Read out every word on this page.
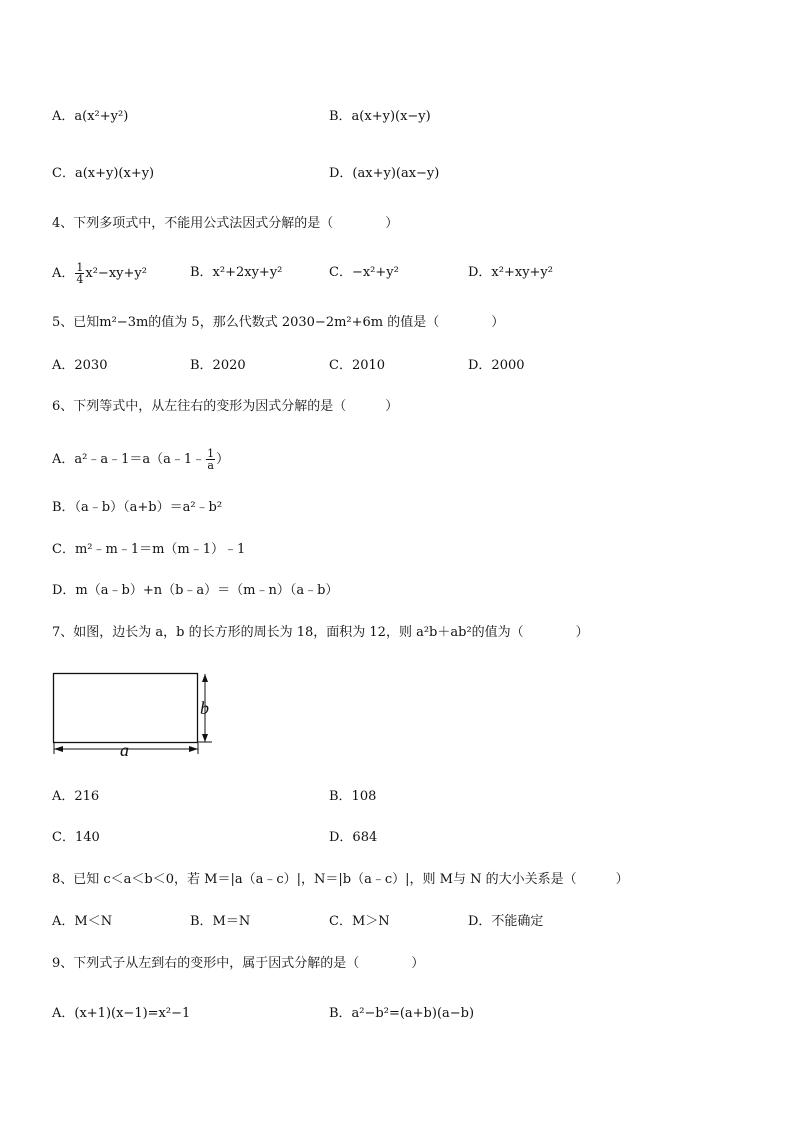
A．a(x²+y²)	B．a(x+y)(x−y)
C．a(x+y)(x+y)	D．(ax+y)(ax−y)
4、下列多项式中，不能用公式法因式分解的是（　　　　）
A． $\frac{1}{4} x^2-xy+y^2$	B．x²+2xy+y²	C．−x²+y²	D．x²+xy+y²
5、已知m²−3m的值为 5，那么代数式 2030−2m²+6m 的值是（　　　　）
A．2030	B．2020	C．2010	D．2000
6、下列等式中，从左往右的变形为因式分解的是（　　　）
A．a²﹣a﹣1＝a（a﹣1﹣ $\frac{1}{a}$ ）
B．（a﹣b）（a+b）＝a²﹣b²
C．m²﹣m﹣1＝m（m﹣1）﹣1
D．m（a﹣b）+n（b﹣a）＝（m﹣n）（a﹣b）
7、如图，边长为 a，b 的长方形的周长为 18，面积为 12，则 a²b＋ab²的值为（　　　　）
b
a
A．216	B．108
C．140	D．684
8、已知 c＜a＜b＜0，若 M＝|a（a﹣c）|，N＝|b（a﹣c）|，则 M与 N 的大小关系是（　　　）
A．M＜N	B．M＝N	C．M＞N	D．不能确定
9、下列式子从左到右的变形中，属于因式分解的是（　　　　）
A．(x+1)(x−1)=x²−1	B．a²−b²=(a+b)(a−b)
